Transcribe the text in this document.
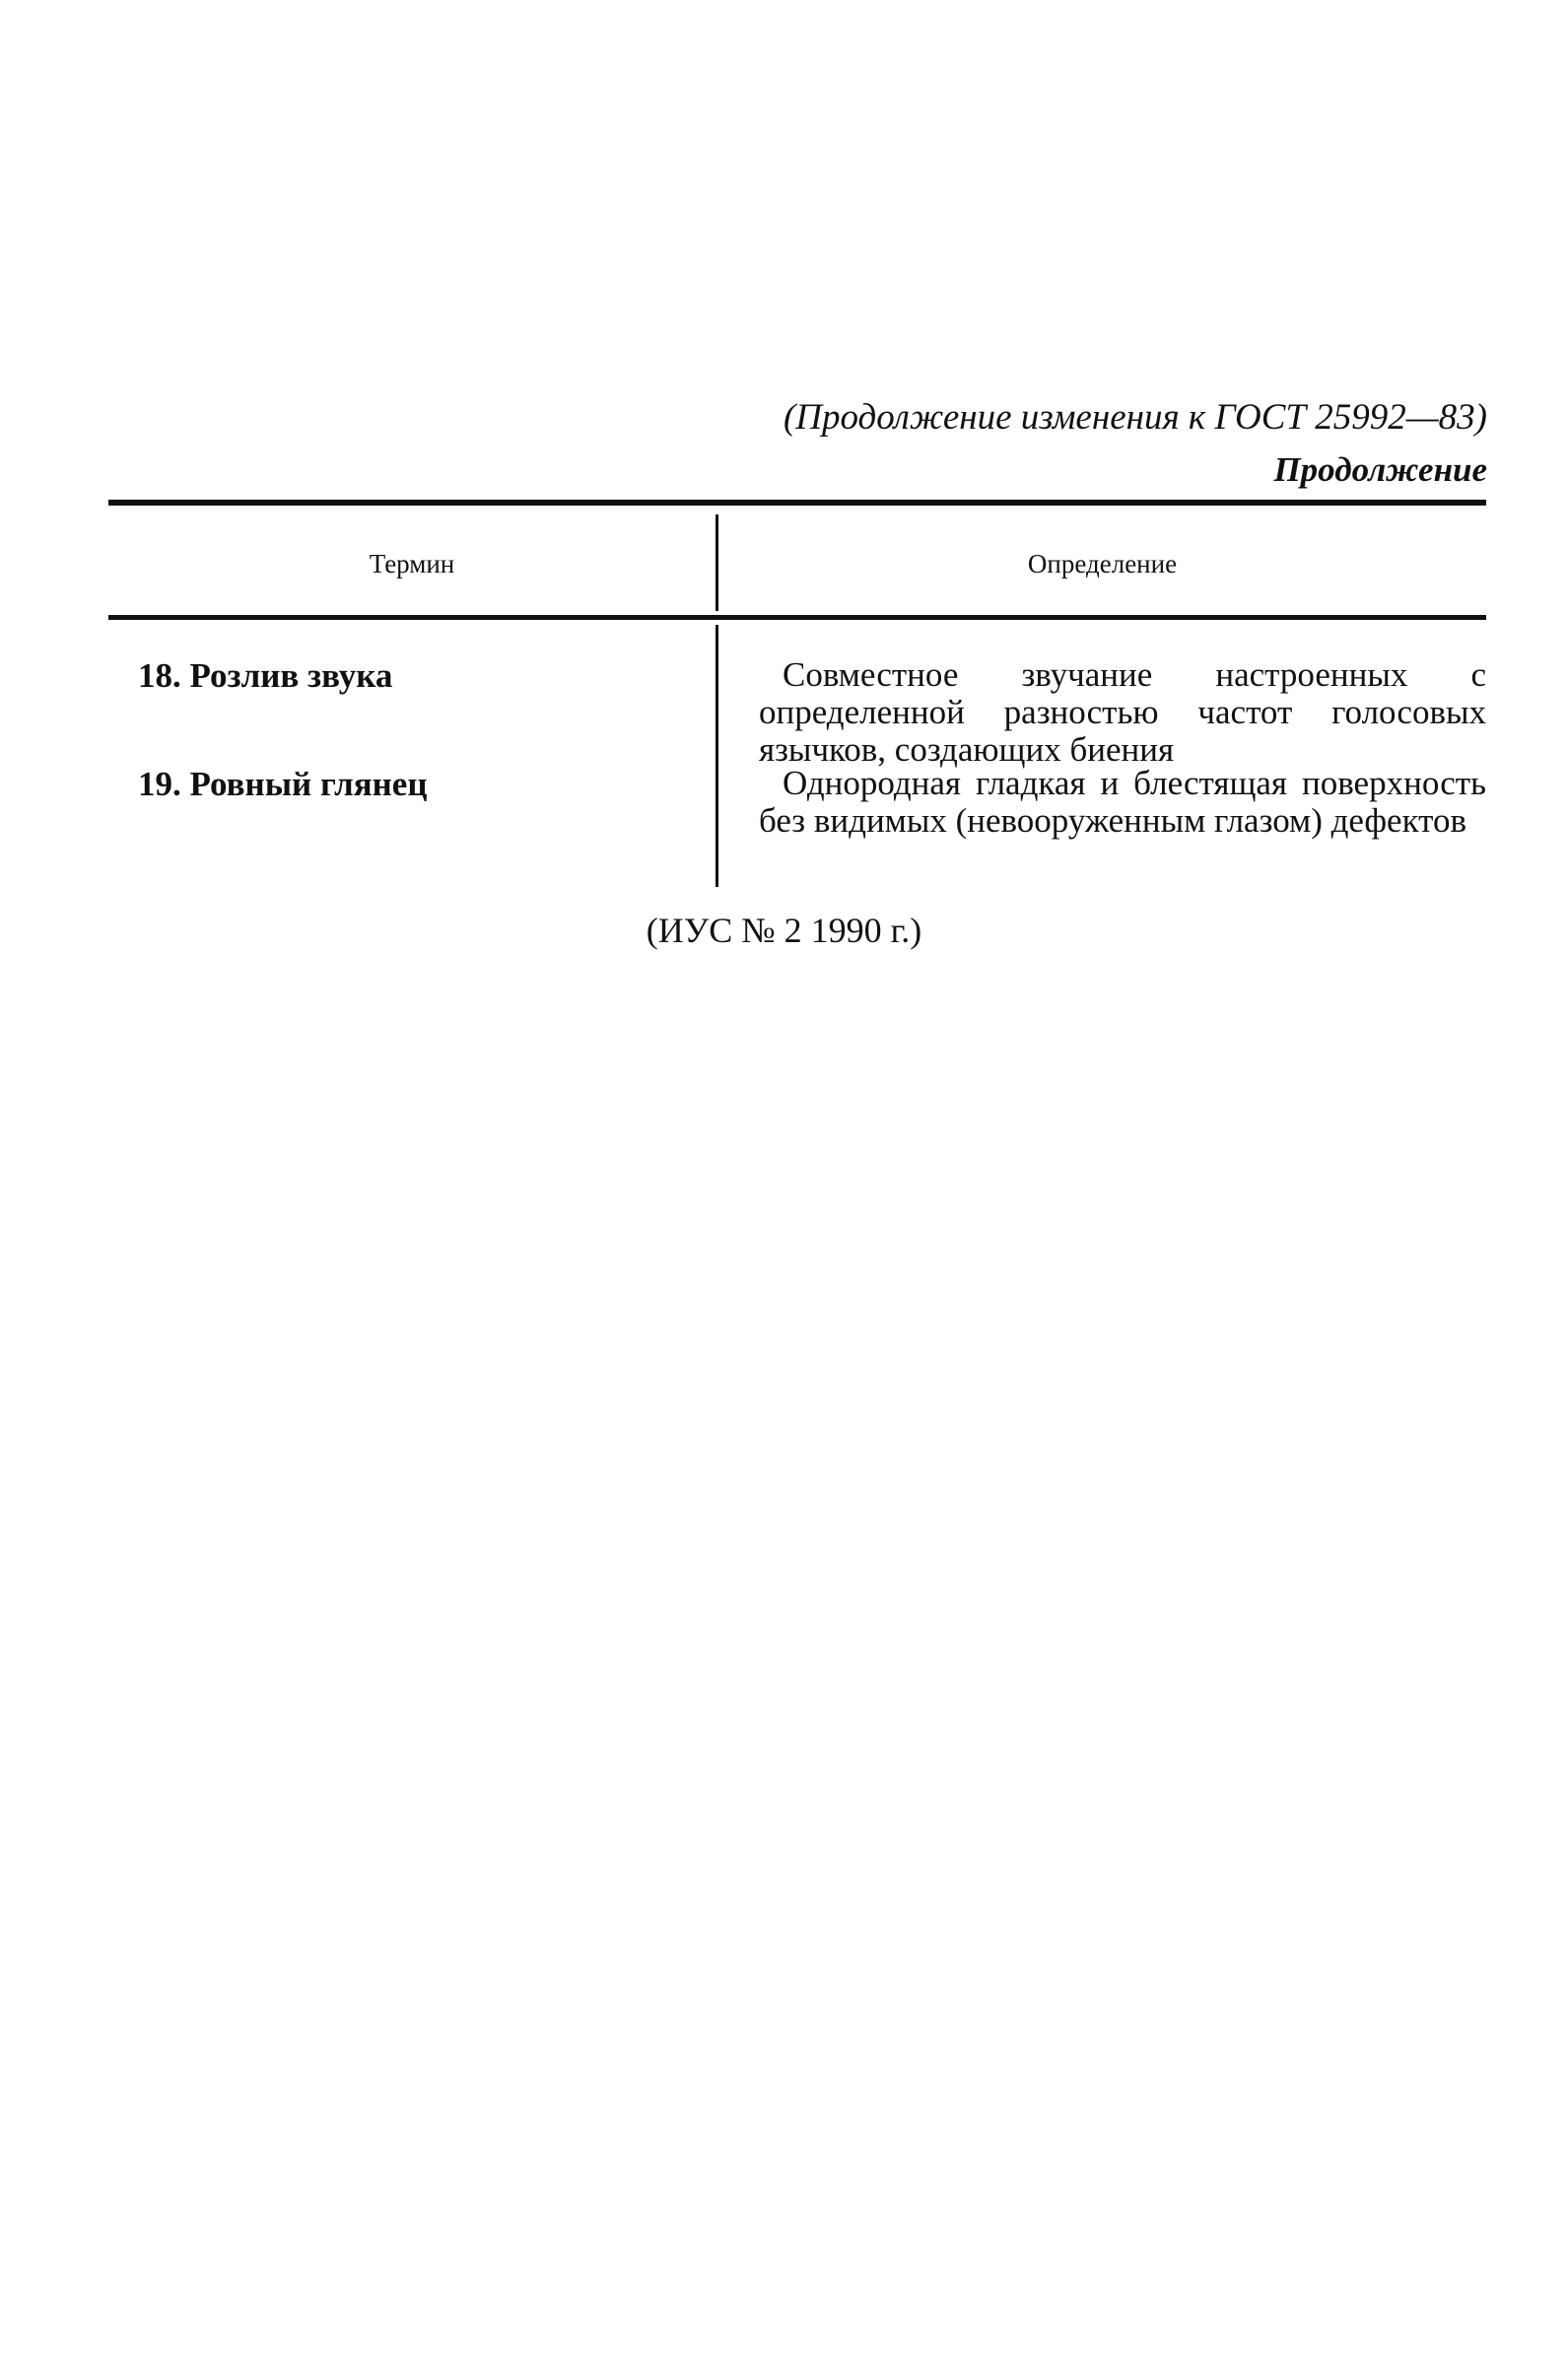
(Продолжение изменения к ГОСТ 25992—83)
Продолжение
Термин	Определение
18. Розлив звука	Совместное звучание настроенных с определенной разностью частот голосовых язычков, создающих биения
19. Ровный глянец	Однородная гладкая и блестящая поверхность без видимых (невооруженным глазом) дефектов
(ИУС № 2 1990 г.)
